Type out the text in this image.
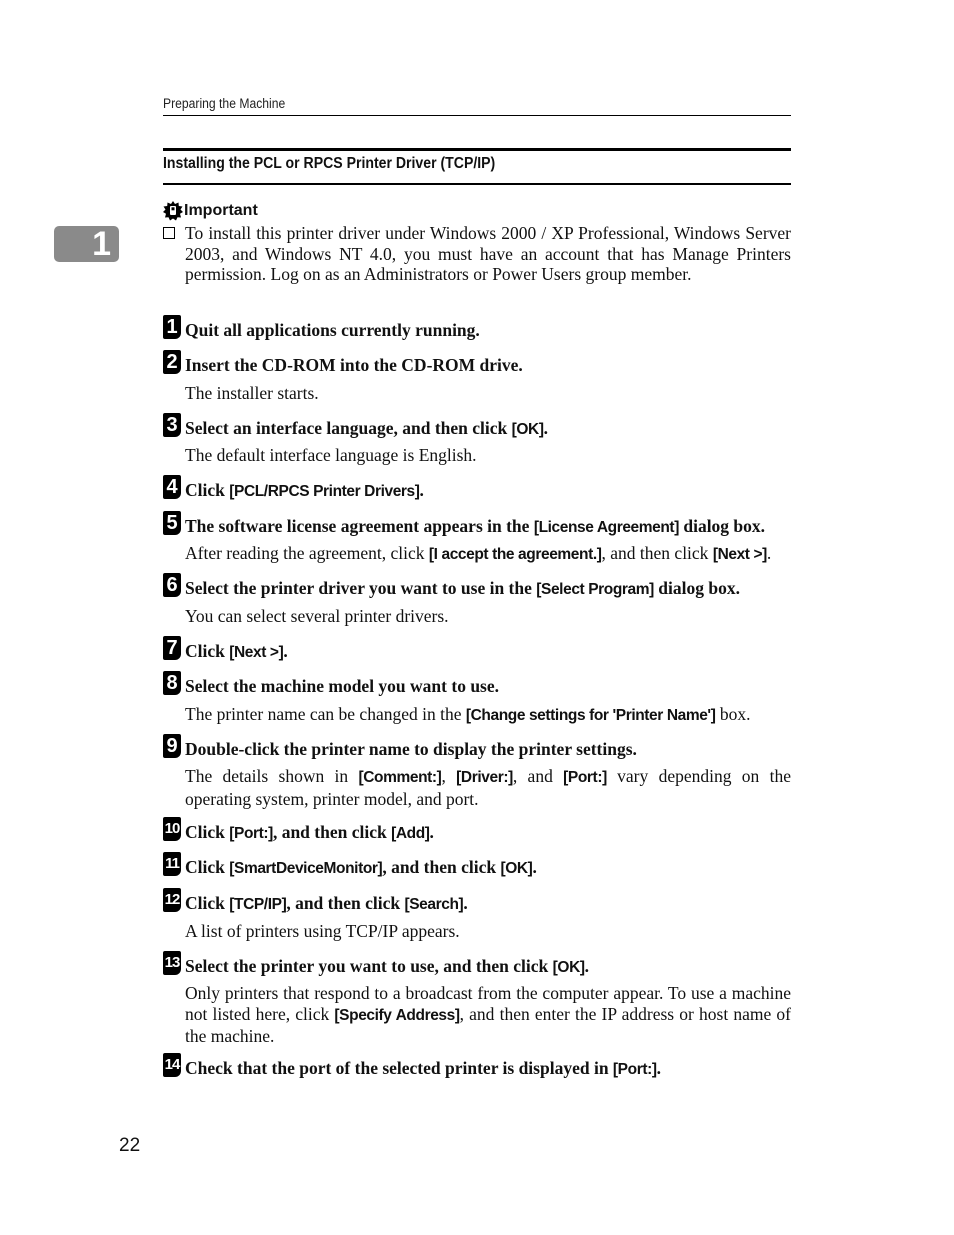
Preparing the Machine
Installing the PCL or RPCS Printer Driver (TCP/IP)
1
Important
To install this printer driver under Windows 2000 / XP Professional, Windows Server 2003, and Windows NT 4.0, you must have an account that has Manage Printers permission. Log on as an Administrators or Power Users group member.
1 Quit all applications currently running.
2 Insert the CD-ROM into the CD-ROM drive.
The installer starts.
3 Select an interface language, and then click [OK].
The default interface language is English.
4 Click [PCL/RPCS Printer Drivers].
5 The software license agreement appears in the [License Agreement] dialog box.
After reading the agreement, click [I accept the agreement.], and then click [Next >].
6 Select the printer driver you want to use in the [Select Program] dialog box.
You can select several printer drivers.
7 Click [Next >].
8 Select the machine model you want to use.
The printer name can be changed in the [Change settings for 'Printer Name'] box.
9 Double-click the printer name to display the printer settings.
The details shown in [Comment:], [Driver:], and [Port:] vary depending on the operating system, printer model, and port.
10 Click [Port:], and then click [Add].
11 Click [SmartDeviceMonitor], and then click [OK].
12 Click [TCP/IP], and then click [Search].
A list of printers using TCP/IP appears.
13 Select the printer you want to use, and then click [OK].
Only printers that respond to a broadcast from the computer appear. To use a machine not listed here, click [Specify Address], and then enter the IP address or host name of the machine.
14 Check that the port of the selected printer is displayed in [Port:].
22
